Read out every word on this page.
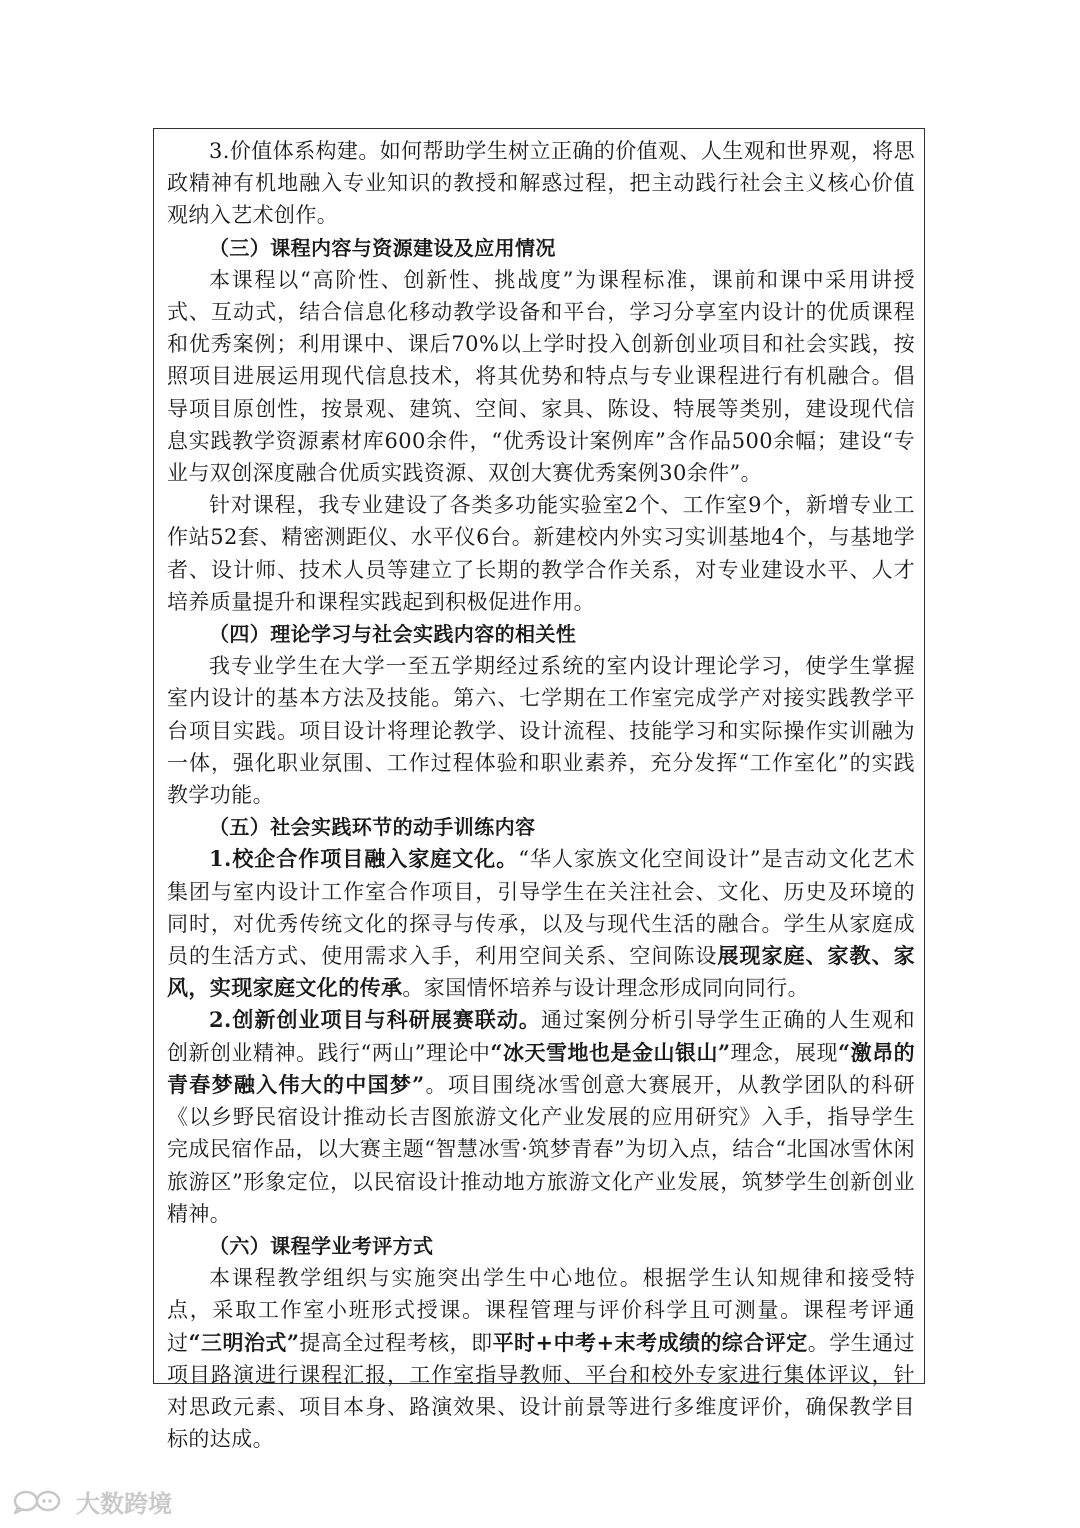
3.价值体系构建。如何帮助学生树立正确的价值观、人生观和世界观，将思政精神有机地融入专业知识的教授和解惑过程，把主动践行社会主义核心价值观纳入艺术创作。

（三）课程内容与资源建设及应用情况

本课程以“高阶性、创新性、挑战度”为课程标准，课前和课中采用讲授式、互动式，结合信息化移动教学设备和平台，学习分享室内设计的优质课程和优秀案例；利用课中、课后70%以上学时投入创新创业项目和社会实践，按照项目进展运用现代信息技术，将其优势和特点与专业课程进行有机融合。倡导项目原创性，按景观、建筑、空间、家具、陈设、特展等类别，建设现代信息实践教学资源素材库600余件，“优秀设计案例库”含作品500余幅；建设“专业与双创深度融合优质实践资源、双创大赛优秀案例30余件”。

针对课程，我专业建设了各类多功能实验室2个、工作室9个，新增专业工作站52套、精密测距仪、水平仪6台。新建校内外实习实训基地4个，与基地学者、设计师、技术人员等建立了长期的教学合作关系，对专业建设水平、人才培养质量提升和课程实践起到积极促进作用。

（四）理论学习与社会实践内容的相关性

我专业学生在大学一至五学期经过系统的室内设计理论学习，使学生掌握室内设计的基本方法及技能。第六、七学期在工作室完成学产对接实践教学平台项目实践。项目设计将理论教学、设计流程、技能学习和实际操作实训融为一体，强化职业氛围、工作过程体验和职业素养，充分发挥“工作室化”的实践教学功能。

（五）社会实践环节的动手训练内容

1.校企合作项目融入家庭文化。“华人家族文化空间设计”是吉动文化艺术集团与室内设计工作室合作项目，引导学生在关注社会、文化、历史及环境的同时，对优秀传统文化的探寻与传承，以及与现代生活的融合。学生从家庭成员的生活方式、使用需求入手，利用空间关系、空间陈设展现家庭、家教、家风，实现家庭文化的传承。家国情怀培养与设计理念形成同向同行。

2.创新创业项目与科研展赛联动。通过案例分析引导学生正确的人生观和创新创业精神。践行“两山”理论中“冰天雪地也是金山银山”理念，展现“激昂的青春梦融入伟大的中国梦”。项目围绕冰雪创意大赛展开，从教学团队的科研《以乡野民宿设计推动长吉图旅游文化产业发展的应用研究》入手，指导学生完成民宿作品，以大赛主题“智慧冰雪·筑梦青春”为切入点，结合“北国冰雪休闲旅游区”形象定位，以民宿设计推动地方旅游文化产业发展，筑梦学生创新创业精神。

（六）课程学业考评方式

本课程教学组织与实施突出学生中心地位。根据学生认知规律和接受特点，采取工作室小班形式授课。课程管理与评价科学且可测量。课程考评通过“三明治式”提高全过程考核，即平时+中考+末考成绩的综合评定。学生通过项目路演进行课程汇报，工作室指导教师、平台和校外专家进行集体评议，针对思政元素、项目本身、路演效果、设计前景等进行多维度评价，确保教学目标的达成。

大数跨境
